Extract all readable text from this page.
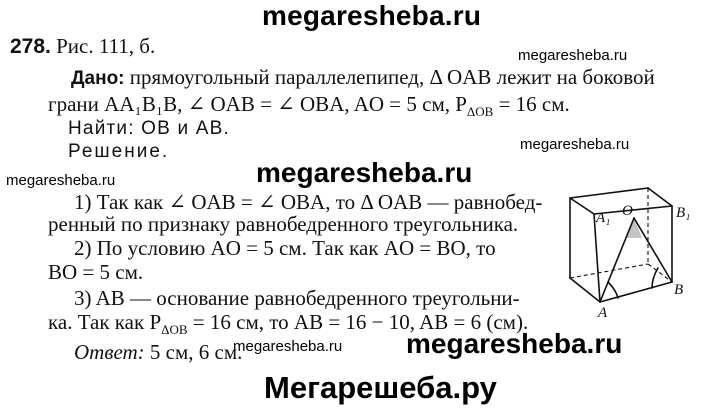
megaresheba.ru
megaresheba.ru
megaresheba.ru
megaresheba.ru
megaresheba.ru
megaresheba.ru megaresheba.ru
Мегарешеба.ру
278. Рис. 111, б.
Дано: прямоугольный параллелепипед, Δ OAB лежит на боковой
грани AA₁B₁B, ∠ OAB = ∠ OBA, AO = 5 см, $P_{\Delta OB} = 16$ см.
Найти: OB и AB.
Решение.
1) Так как ∠ OAB = ∠ OBA, то Δ OAB — равнобед-
ренный по признаку равнобедренного треугольника.
2) По условию AO = 5 см. Так как AO = BO, то
BO = 5 см.
3) AB — основание равнобедренного треугольни-
ка. Так как $P_{\Delta OB} = 16$ см, то AB = 16 − 10, AB = 6 (см).
Ответ: 5 см, 6 см.
A₁ O	B₁
B
A
